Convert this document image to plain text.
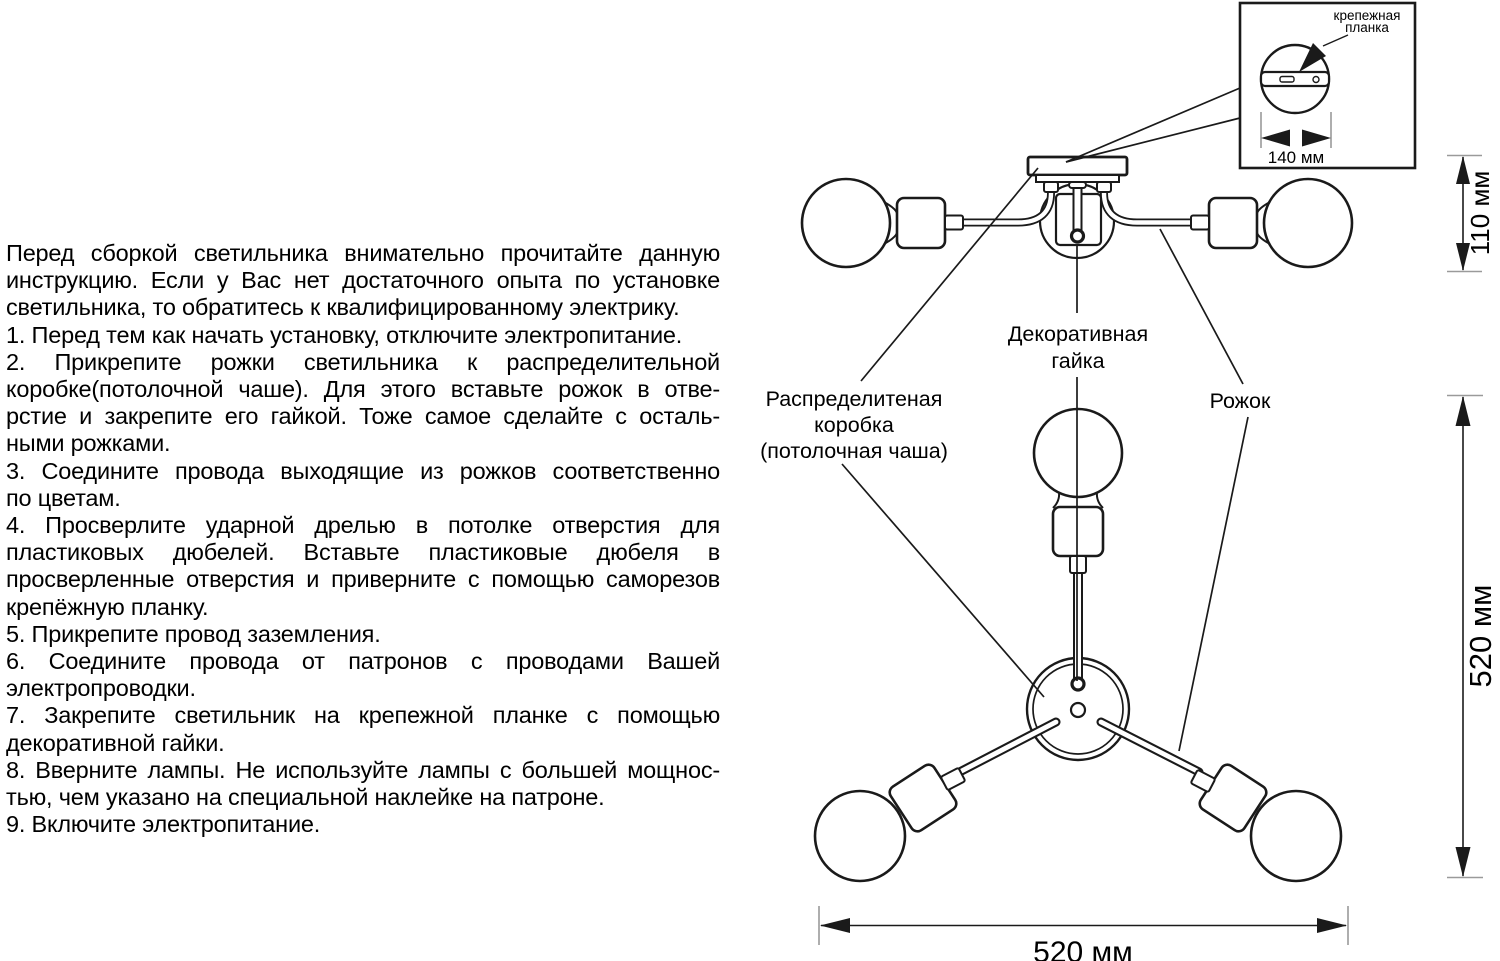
Перед сборкой светильника внимательно прочитайте данную
инструкцию. Если у Вас нет достаточного опыта по установке
светильника, то обратитесь к квалифицированному электрику.
1. Перед тем как начать установку, отключите электропитание.
2. Прикрепите рожки светильника к распределительной
коробке(потолочной чаше). Для этого вставьте рожок в отве-
рстие и закрепите его гайкой. Тоже самое сделайте с осталь-
ными рожками.
3. Соедините провода выходящие из рожков соответственно
по цветам.
4. Просверлите ударной дрелью в потолке отверстия для
пластиковых дюбелей. Вставьте пластиковые дюбеля в
просверленные отверстия и приверните с помощью саморезов
крепёжную планку.
5. Прикрепите провод заземления.
6. Соедините провода от патронов с проводами Вашей
электропроводки.
7. Закрепите светильник на крепежной планке с помощью
декоративной гайки.
8. Вверните лампы. Не используйте лампы с большей мощнос-
тью, чем указано на специальной наклейке на патроне.
9. Включите электропитание.
крепежная
планка
140 мм
Декоративная
гайка
Распределитеная
коробка
(потолочная чаша)
Рожок
110 мм
520 мм
520 мм
